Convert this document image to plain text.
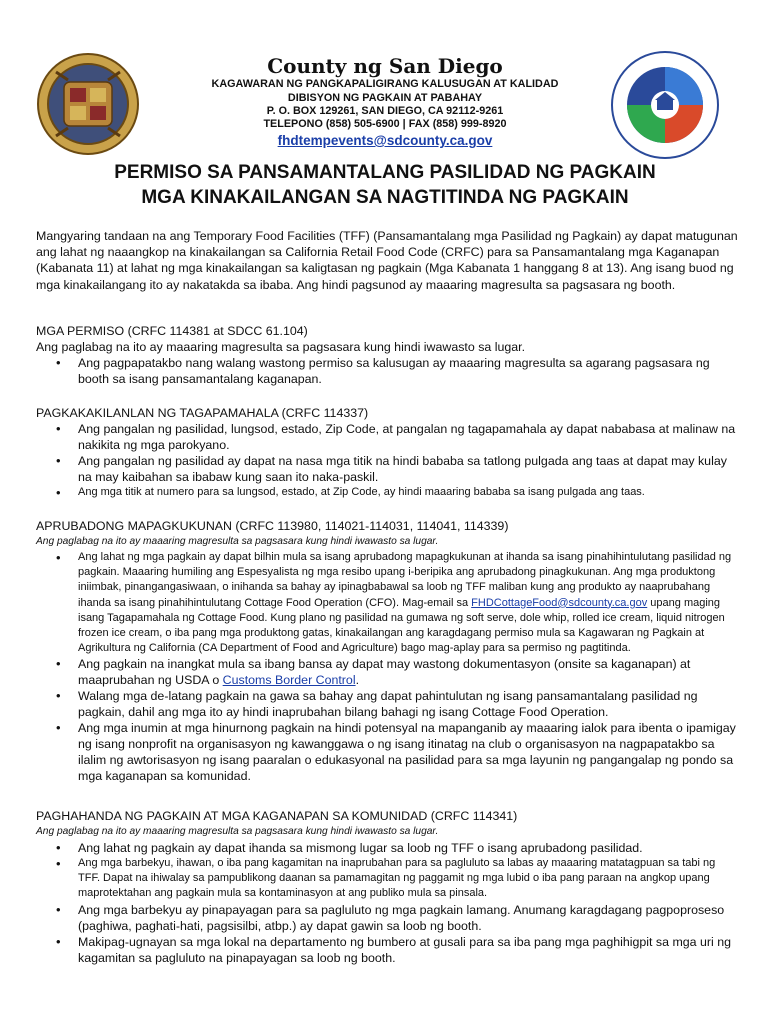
County ng San Diego
KAGAWARAN NG PANGKAPALIGIRANG KALUSUGAN AT KALIDAD
DIBISYON NG PAGKAIN AT PABAHAY
P. O. BOX 129261, SAN DIEGO, CA 92112-9261
TELEPONO (858) 505-6900 | FAX (858) 999-8920
fhdtempevents@sdcounty.ca.gov
PERMISO SA PANSAMANTALANG PASILIDAD NG PAGKAIN
MGA KINAKAILANGAN SA NAGTITINDA NG PAGKAIN

Mangyaring tandaan na ang Temporary Food Facilities (TFF) (Pansamantalang mga Pasilidad ng Pagkain) ay dapat matugunan ang lahat ng naaangkop na kinakailangan sa California Retail Food Code (CRFC) para sa Pansamantalang mga Kaganapan (Kabanata 11) at lahat ng mga kinakailangan sa kaligtasan ng pagkain (Mga Kabanata 1 hanggang 8 at 13). Ang isang buod ng mga kinakailangang ito ay nakatakda sa ibaba. Ang hindi pagsunod ay maaaring magresulta sa pagsasara ng booth.

MGA PERMISO (CRFC 114381 at SDCC 61.104)

Ang paglabag na ito ay maaaring magresulta sa pagsasara kung hindi iwawasto sa lugar.

• Ang pagpapatakbo nang walang wastong permiso sa kalusugan ay maaaring magresulta sa agarang pagsasara ng booth sa isang pansamantalang kaganapan.

PAGKAKAKILANLAN NG TAGAPAMAHALA (CRFC 114337)

• Ang pangalan ng pasilidad, lungsod, estado, Zip Code, at pangalan ng tagapamahala ay dapat nababasa at malinaw na nakikita ng mga parokyano.
• Ang pangalan ng pasilidad ay dapat na nasa mga titik na hindi bababa sa tatlong pulgada ang taas at dapat may kulay na may kaibahan sa ibabaw kung saan ito naka-paskil.
• Ang mga titik at numero para sa lungsod, estado, at Zip Code, ay hindi maaaring bababa sa isang pulgada ang taas.

APRUBADONG MAPAGKUKUNAN (CRFC 113980, 114021-114031, 114041, 114339)

Ang paglabag na ito ay maaaring magresulta sa pagsasara kung hindi iwawasto sa lugar.

• Ang lahat ng mga pagkain ay dapat bilhin mula sa isang aprubadong mapagkukunan at ihanda sa isang pinahihintulutang pasilidad ng pagkain. Maaaring humiling ang Espesyalista ng mga resibo upang i-beripika ang aprubadong pinagkukunan. Ang mga produktong iniimbak, pinangangasiwaan, o inihanda sa bahay ay ipinagbabawal sa loob ng TFF maliban kung ang produkto ay naaprubahang ihanda sa isang pinahihintulutang Cottage Food Operation (CFO). Mag-email sa FHDCottageFood@sdcounty.ca.gov upang maging isang Tagapamahala ng Cottage Food. Kung plano ng pasilidad na gumawa ng soft serve, dole whip, rolled ice cream, liquid nitrogen frozen ice cream, o iba pang mga produktong gatas, kinakailangan ang karagdagang permiso mula sa Kagawaran ng Pagkain at Agrikultura ng California (CA Department of Food and Agriculture) bago mag-aplay para sa permiso ng pagtitinda.
• Ang pagkain na inangkat mula sa ibang bansa ay dapat may wastong dokumentasyon (onsite sa kaganapan) at maaprubahan ng USDA o Customs Border Control.
• Walang mga de-latang pagkain na gawa sa bahay ang dapat pahintulutan ng isang pansamantalang pasilidad ng pagkain, dahil ang mga ito ay hindi inaprubahan bilang bahagi ng isang Cottage Food Operation.
• Ang mga inumin at mga hinurnong pagkain na hindi potensyal na mapanganib ay maaaring ialok para ibenta o ipamigay ng isang nonprofit na organisasyon ng kawanggawa o ng isang itinatag na club o organisasyon na nagpapatakbo sa ilalim ng awtorisasyon ng isang paaralan o edukasyonal na pasilidad para sa mga layunin ng pangangalap ng pondo sa mga kaganapan sa komunidad.

PAGHAHANDA NG PAGKAIN AT MGA KAGANAPAN SA KOMUNIDAD (CRFC 114341)

Ang paglabag na ito ay maaaring magresulta sa pagsasara kung hindi iwawasto sa lugar.

• Ang lahat ng pagkain ay dapat ihanda sa mismong lugar sa loob ng TFF o isang aprubadong pasilidad.
• Ang mga barbekyu, ihawan, o iba pang kagamitan na inaprubahan para sa pagluluto sa labas ay maaaring matatagpuan sa tabi ng TFF. Dapat na ihiwalay sa pampublikong daanan sa pamamagitan ng paggamit ng mga lubid o iba pang paraan na angkop upang maprotektahan ang pagkain mula sa kontaminasyon at ang publiko mula sa pinsala.
• Ang mga barbekyu ay pinapayagan para sa pagluluto ng mga pagkain lamang. Anumang karagdagang pagpoproseso (paghiwa, paghati-hati, pagsisilbi, atbp.) ay dapat gawin sa loob ng booth.
• Makipag-ugnayan sa mga lokal na departamento ng bumbero at gusali para sa iba pang mga paghihigpit sa mga uri ng kagamitan sa pagluluto na pinapayagan sa loob ng booth.
